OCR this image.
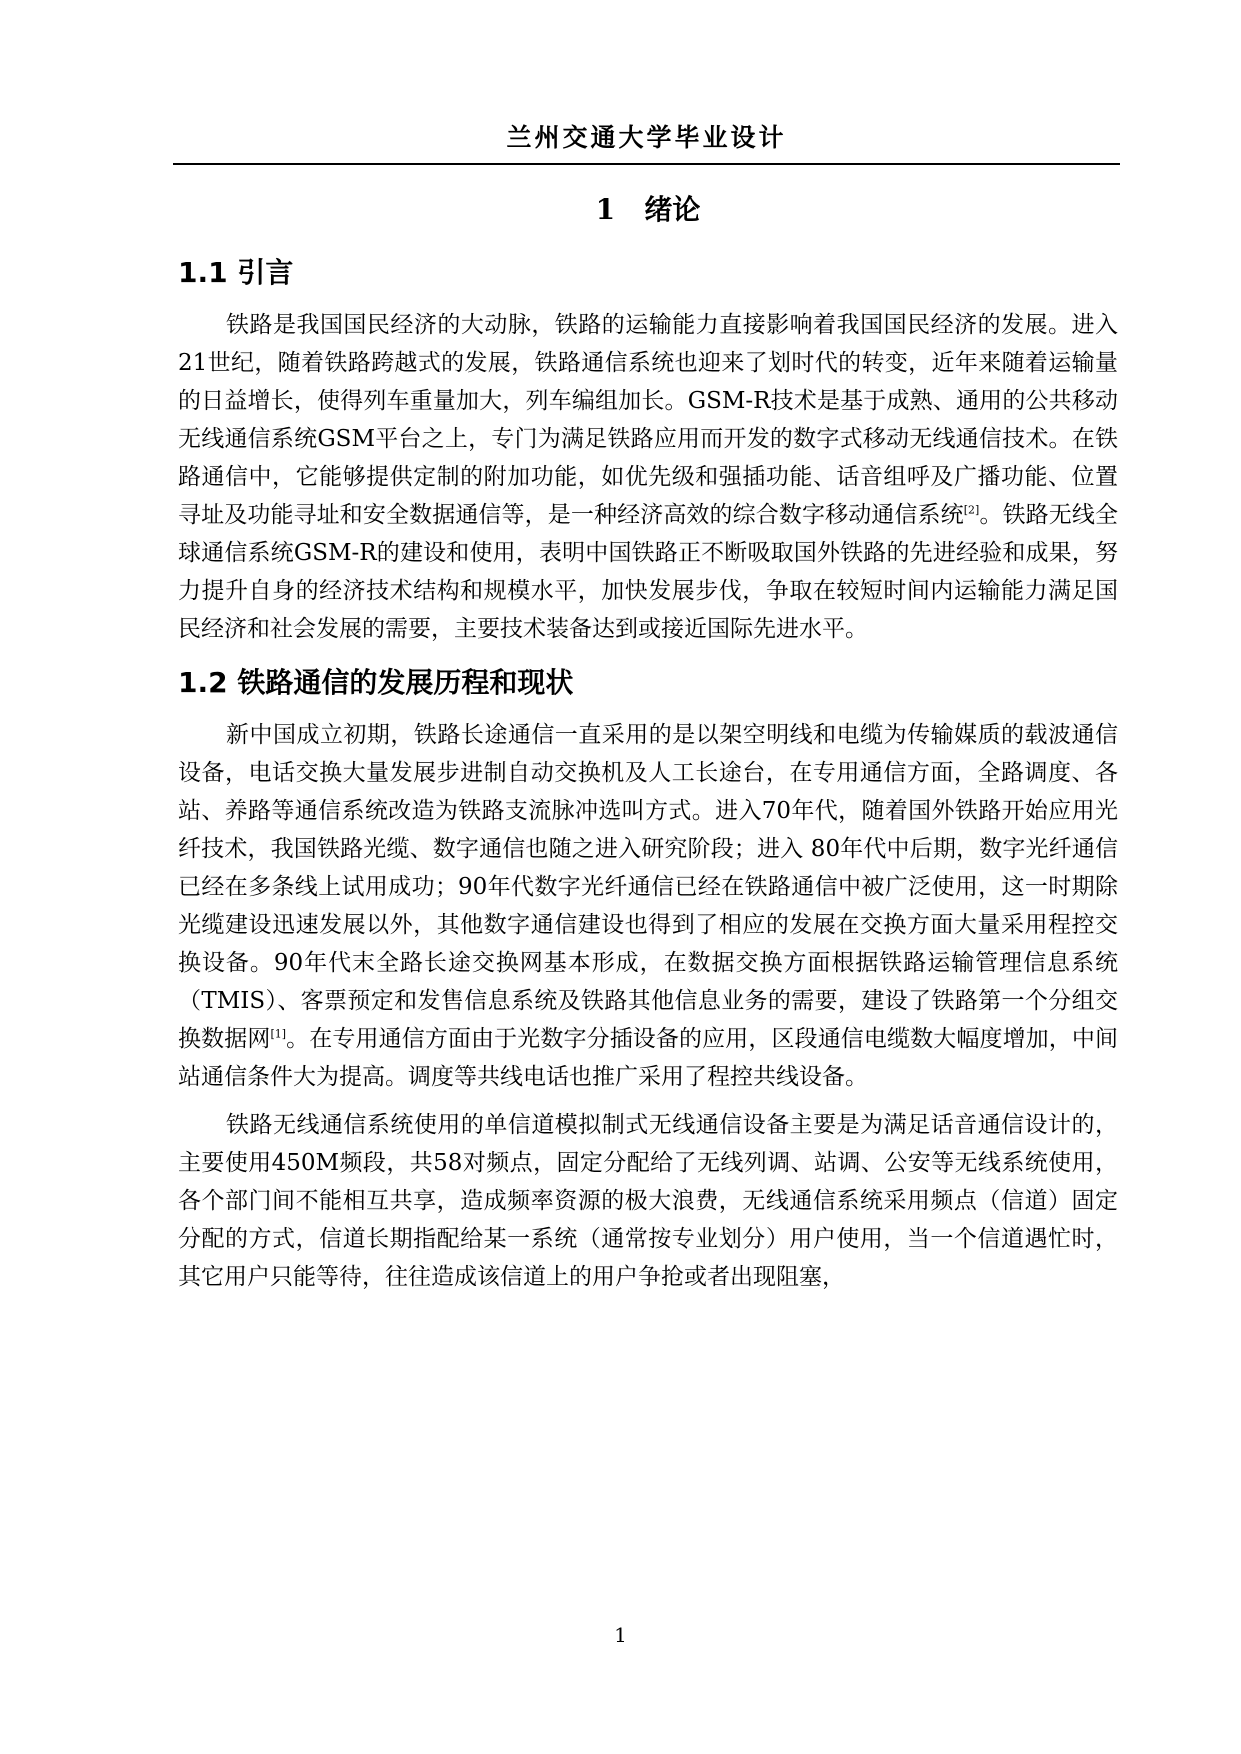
兰州交通大学毕业设计
1   绪论
1.1 引言

铁路是我国国民经济的大动脉，铁路的运输能力直接影响着我国国民经济的发展。进入21世纪，随着铁路跨越式的发展，铁路通信系统也迎来了划时代的转变，近年来随着运输量的日益增长，使得列车重量加大，列车编组加长。GSM-R技术是基于成熟、通用的公共移动无线通信系统GSM平台之上，专门为满足铁路应用而开发的数字式移动无线通信技术。在铁路通信中，它能够提供定制的附加功能，如优先级和强插功能、话音组呼及广播功能、位置寻址及功能寻址和安全数据通信等，是一种经济高效的综合数字移动通信系统[2]。铁路无线全球通信系统GSM-R的建设和使用，表明中国铁路正不断吸取国外铁路的先进经验和成果，努力提升自身的经济技术结构和规模水平，加快发展步伐，争取在较短时间内运输能力满足国民经济和社会发展的需要，主要技术装备达到或接近国际先进水平。

1.2 铁路通信的发展历程和现状

新中国成立初期，铁路长途通信一直采用的是以架空明线和电缆为传输媒质的载波通信设备，电话交换大量发展步进制自动交换机及人工长途台，在专用通信方面，全路调度、各站、养路等通信系统改造为铁路支流脉冲选叫方式。进入70年代，随着国外铁路开始应用光纤技术，我国铁路光缆、数字通信也随之进入研究阶段；进入 80年代中后期，数字光纤通信已经在多条线上试用成功；90年代数字光纤通信已经在铁路通信中被广泛使用，这一时期除光缆建设迅速发展以外，其他数字通信建设也得到了相应的发展在交换方面大量采用程控交换设备。90年代末全路长途交换网基本形成，在数据交换方面根据铁路运输管理信息系统 （TMIS）、客票预定和发售信息系统及铁路其他信息业务的需要，建设了铁路第一个分组交换数据网[1]。在专用通信方面由于光数字分插设备的应用，区段通信电缆数大幅度增加，中间站通信条件大为提高。调度等共线电话也推广采用了程控共线设备。

铁路无线通信系统使用的单信道模拟制式无线通信设备主要是为满足话音通信设计的，主要使用450M频段，共58对频点，固定分配给了无线列调、站调、公安等无线系统使用，各个部门间不能相互共享，造成频率资源的极大浪费，无线通信系统采用频点（信道）固定分配的方式，信道长期指配给某一系统（通常按专业划分）用户使用，当一个信道遇忙时，其它用户只能等待，往往造成该信道上的用户争抢或者出现阻塞，

1
